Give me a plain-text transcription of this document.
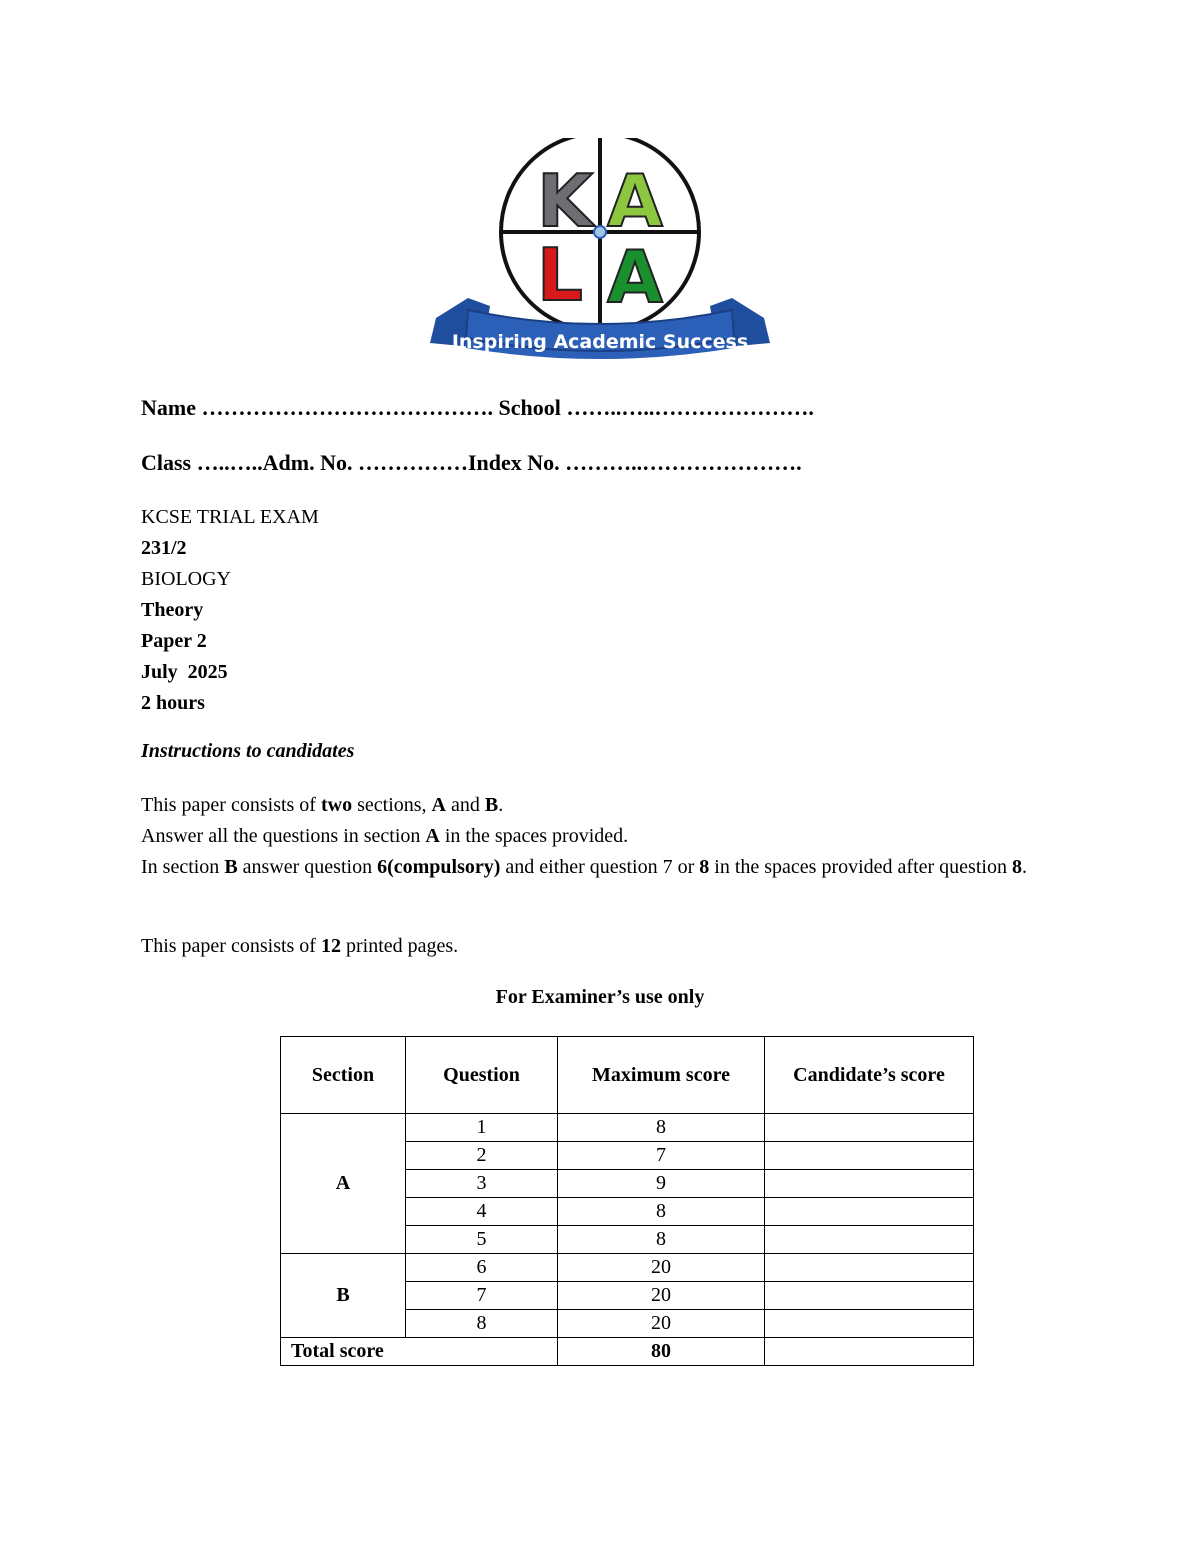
K A
L A
Inspiring Academic Success
Name …………………………………. School ……..…..………………….
Class …..…..Adm. No. ……………Index No. ………..………………….
KCSE TRIAL EXAM
231/2
BIOLOGY
Theory
Paper 2
July  2025
2 hours
Instructions to candidates
This paper consists of two sections, A and B.
Answer all the questions in section A in the spaces provided.
In section B answer question 6(compulsory) and either question 7 or 8 in the spaces provided after question 8.
This paper consists of 12 printed pages.
For Examiner’s use only
Section	Question	Maximum score	Candidate’s score
A	1	8	
	2	7	
	3	9	
	4	8	
	5	8	
B	6	20	
	7	20	
	8	20	
Total score		80	
